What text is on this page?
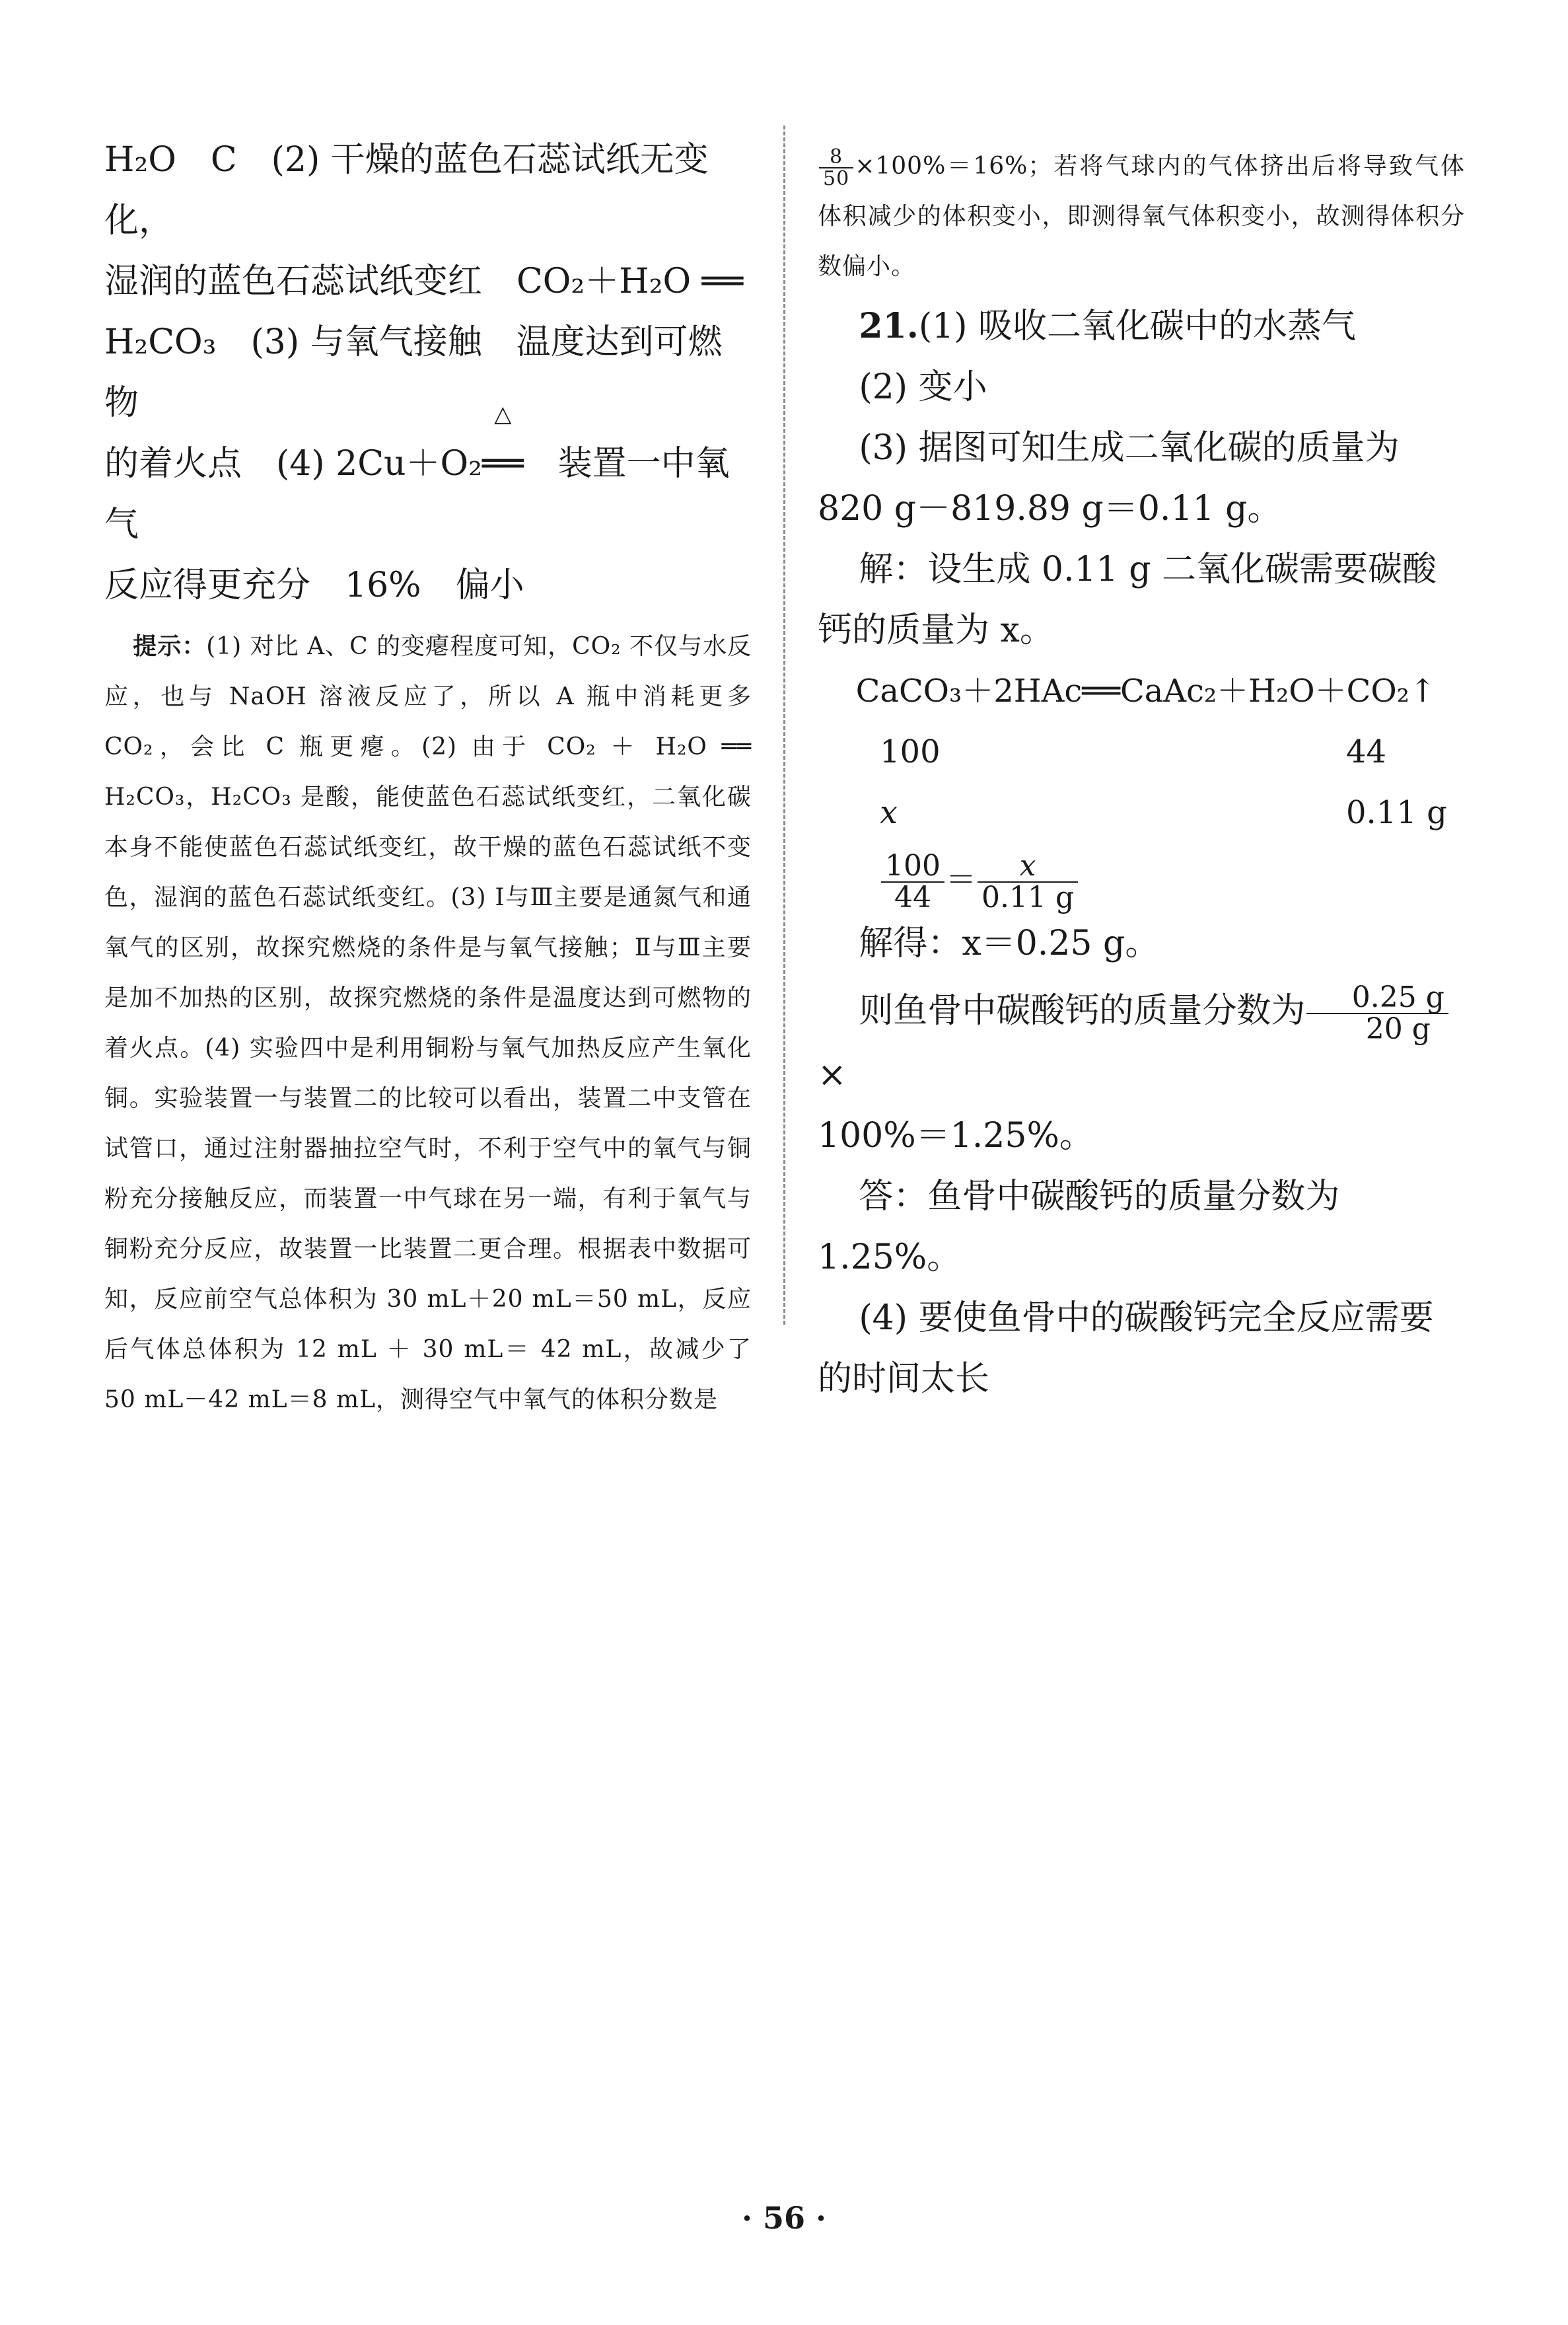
H₂O　C　(2) 干燥的蓝色石蕊试纸无变化，

湿润的蓝色石蕊试纸变红　CO₂＋H₂O ══

H₂CO₃　(3) 与氧气接触　温度达到可燃物

的着火点　(4) 2Cu＋O₂
△
══　装置一中氧气

反应得更充分　16%　偏小

提示：(1) 对比 A、C 的变瘪程度可知，CO₂ 不仅与水反应，也与 NaOH 溶液反应了，所以 A 瓶中消耗更多 CO₂，会比 C 瓶更瘪。(2) 由于 CO₂ ＋ H₂O ══ H₂CO₃，H₂CO₃ 是酸，能使蓝色石蕊试纸变红，二氧化碳本身不能使蓝色石蕊试纸变红，故干燥的蓝色石蕊试纸不变色，湿润的蓝色石蕊试纸变红。(3) Ⅰ与Ⅲ主要是通氮气和通氧气的区别，故探究燃烧的条件是与氧气接触；Ⅱ与Ⅲ主要是加不加热的区别，故探究燃烧的条件是温度达到可燃物的着火点。(4) 实验四中是利用铜粉与氧气加热反应产生氧化铜。实验装置一与装置二的比较可以看出，装置二中支管在试管口，通过注射器抽拉空气时，不利于空气中的氧气与铜粉充分接触反应，而装置一中气球在另一端，有利于氧气与铜粉充分反应，故装置一比装置二更合理。根据表中数据可知，反应前空气总体积为 30 mL＋20 mL＝50 mL，反应后气体总体积为 12 mL ＋ 30 mL＝ 42 mL，故减少了 50 mL－42 mL＝8 mL，测得空气中氧气的体积分数是

$\frac{8}{50} \times 100\%=16\%$；若将气球内的气体挤出后将导致气体体积减少的体积变小，即测得氧气体积变小，故测得体积分数偏小。

21.(1) 吸收二氧化碳中的水蒸气

(2) 变小

(3) 据图可知生成二氧化碳的质量为 820 g－819.89 g＝0.11 g。

解：设生成 0.11 g 二氧化碳需要碳酸钙的质量为 x。

CaCO₃＋2HAc══CaAc₂＋H₂O＋CO₂↑

100	44
x	0.11 g
$\frac{100}{44} = \frac{x}{0.11 g}$

解得：x＝0.25 g。

则鱼骨中碳酸钙的质量分数为 $\frac{0.25 g}{20 g}$
×

100%＝1.25%。

答：鱼骨中碳酸钙的质量分数为 1.25%。

(4) 要使鱼骨中的碳酸钙完全反应需要的时间太长

· 56 ·
